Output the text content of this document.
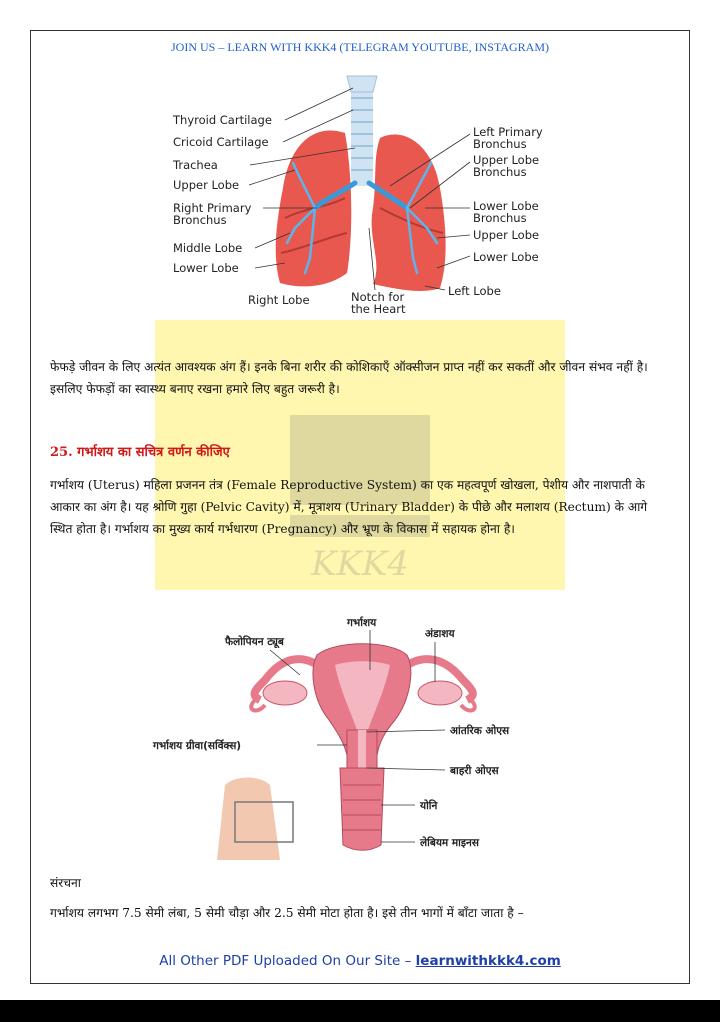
JOIN US – LEARN WITH KKK4 (TELEGRAM YOUTUBE, INSTAGRAM)
KKK4
Thyroid Cartilage
Cricoid Cartilage
Trachea
Upper Lobe
Right Primary
Bronchus
Middle Lobe
Lower Lobe
Right Lobe	Notch for
the Heart
Left Primary
Bronchus
Upper Lobe
Bronchus
Lower Lobe
Bronchus
Upper Lobe
Lower Lobe
Left Lobe
फेफड़े जीवन के लिए अत्यंत आवश्यक अंग हैं। इनके बिना शरीर की कोशिकाएँ ऑक्सीजन प्राप्त नहीं कर सकतीं और जीवन संभव नहीं है। इसलिए फेफड़ों का स्वास्थ्य बनाए रखना हमारे लिए बहुत जरूरी है।
25. गर्भाशय का सचित्र वर्णन कीजिए
गर्भाशय (Uterus) महिला प्रजनन तंत्र (Female Reproductive System) का एक महत्वपूर्ण खोखला, पेशीय और नाशपाती के आकार का अंग है। यह श्रोणि गुहा (Pelvic Cavity) में, मूत्राशय (Urinary Bladder) के पीछे और मलाशय (Rectum) के आगे स्थित होता है। गर्भाशय का मुख्य कार्य गर्भधारण (Pregnancy) और भ्रूण के विकास में सहायक होना है।
गर्भाशय
अंडाशय
फैलोपियन ट्यूब
आंतरिक ओएस
गर्भाशय ग्रीवा(सर्विक्स)
बाहरी ओएस
योनि
लेबियम माइनस
संरचना
गर्भाशय लगभग 7.5 सेमी लंबा, 5 सेमी चौड़ा और 2.5 सेमी मोटा होता है। इसे तीन भागों में बाँटा जाता है –
All Other PDF Uploaded On Our Site – learnwithkkk4.com
